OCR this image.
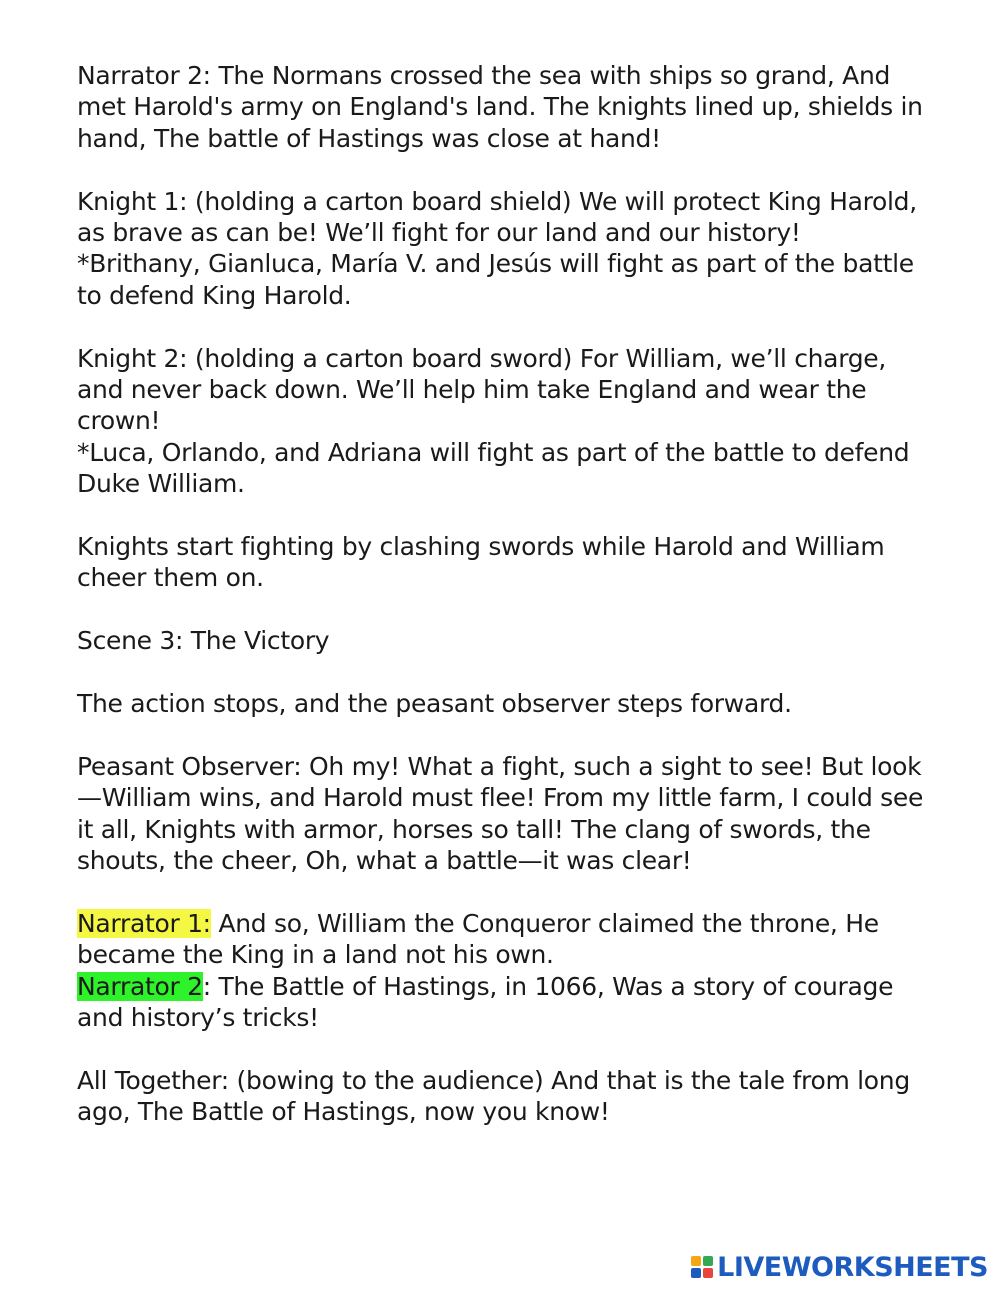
Narrator 2: The Normans crossed the sea with ships so grand, And met Harold's army on England's land. The knights lined up, shields in hand, The battle of Hastings was close at hand!

Knight 1: (holding a carton board shield) We will protect King Harold, as brave as can be! We’ll fight for our land and our history!

*Brithany, Gianluca, María V. and Jesús will fight as part of the battle to defend King Harold.

Knight 2: (holding a carton board sword) For William, we’ll charge, and never back down. We’ll help him take England and wear the crown!

*Luca, Orlando, and Adriana will fight as part of the battle to defend Duke William.

Knights start fighting by clashing swords while Harold and William cheer them on.

Scene 3: The Victory

The action stops, and the peasant observer steps forward.

Peasant Observer: Oh my! What a fight, such a sight to see! But look—William wins, and Harold must flee! From my little farm, I could see it all, Knights with armor, horses so tall! The clang of swords, the shouts, the cheer, Oh, what a battle—it was clear!

Narrator 1: And so, William the Conqueror claimed the throne, He became the King in a land not his own.

Narrator 2: The Battle of Hastings, in 1066, Was a story of courage and history’s tricks!

All Together: (bowing to the audience) And that is the tale from long ago, The Battle of Hastings, now you know!

LIVEWORKSHEETS
